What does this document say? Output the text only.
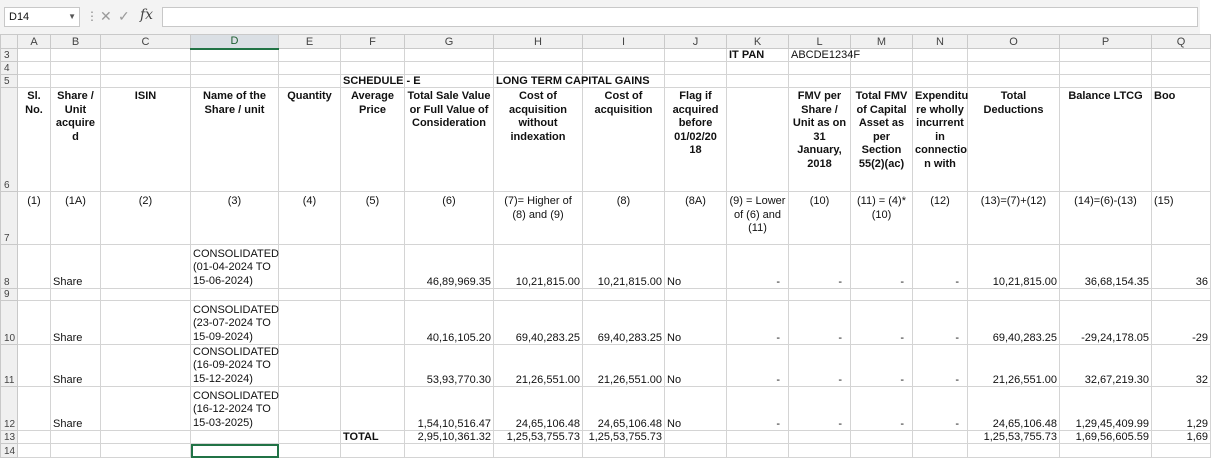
D14	▼ ⋮ ✕ ✓ fx
	A	B	C	D	E	F	G	H	I	J	K	L	M	N	O	P	Q
3											IT PAN	ABCDE1234F					
4																	
5						SCHEDULE - E		LONG TERM CAPITAL GAINS									
6	Sl. No.	Share / Unit acquire d	ISIN	Name of the Share / unit	Quantity	Average Price	Total Sale Value or Full Value of Consideration	Cost of acquisition without indexation	Cost of acquisition	Flag if acquired before 01/02/20 18		FMV per Share / Unit as on 31 January, 2018	Total FMV of Capital Asset as per Section 55(2)(ac)	Expenditu re wholly incurrent in connectio n with	Total Deductions	Balance LTCG	Boo
7	(1)	(1A)	(2)	(3)	(4)	(5)	(6)	(7)= Higher of (8) and (9)	(8)	(8A)	(9) = Lower of (6) and (11)	(10)	(11) = (4)*(10)	(12)	(13)=(7)+(12)	(14)=(6)-(13)	(15)
8		Share		CONSOLIDATED (01-04-2024 TO 15-06-2024)			46,89,969.35	10,21,815.00	10,21,815.00	No	-	-	-	-	10,21,815.00	36,68,154.35	36
9																	
10		Share		CONSOLIDATED (23-07-2024 TO 15-09-2024)			40,16,105.20	69,40,283.25	69,40,283.25	No	-	-	-	-	69,40,283.25	-29,24,178.05	-29
11		Share		CONSOLIDATED (16-09-2024 TO 15-12-2024)			53,93,770.30	21,26,551.00	21,26,551.00	No	-	-	-	-	21,26,551.00	32,67,219.30	32
12		Share		CONSOLIDATED (16-12-2024 TO 15-03-2025)			1,54,10,516.47	24,65,106.48	24,65,106.48	No	-	-	-	-	24,65,106.48	1,29,45,409.99	1,29
13						TOTAL	2,95,10,361.32	1,25,53,755.73	1,25,53,755.73						1,25,53,755.73	1,69,56,605.59	1,69
14																	
